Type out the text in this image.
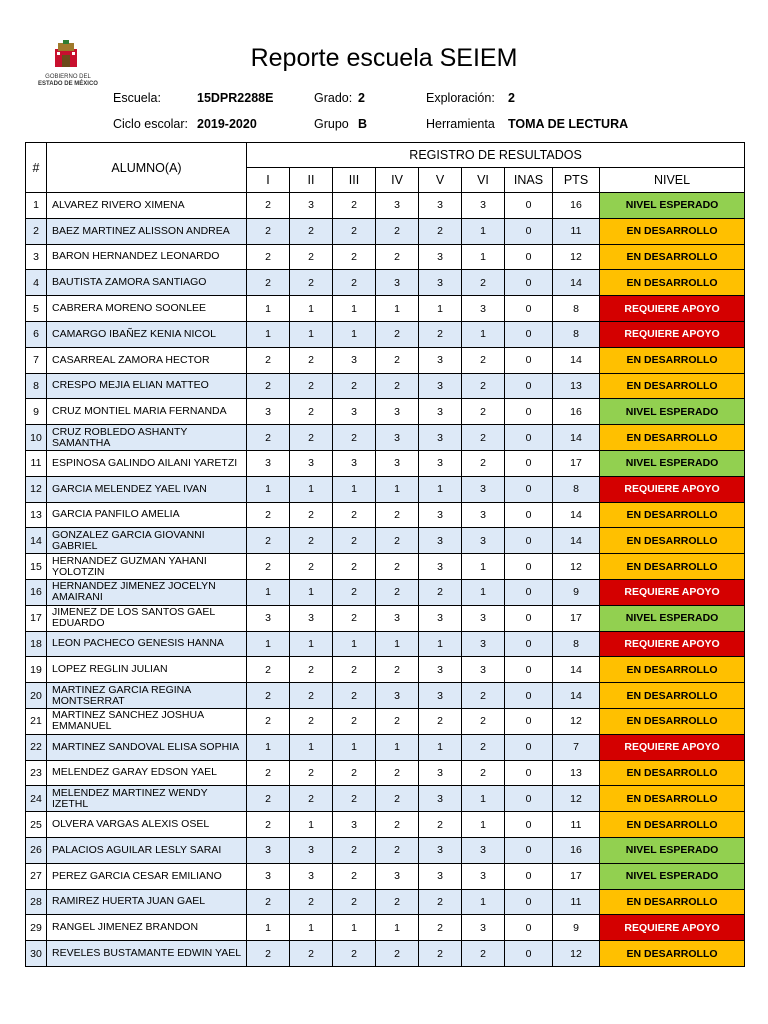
GOBIERNO DEL
ESTADO DE MÉXICO
Reporte escuela SEIEM
Escuela:	15DPR2288E	Grado: 2	Exploración: 2
Ciclo escolar: 2019-2020	Grupo B	Herramienta TOMA DE LECTURA
#	ALUMNO(A)	REGISTRO DE RESULTADOS								
		I	II	III	IV	V	VI	INAS	PTS	NIVEL
1	ALVAREZ RIVERO XIMENA	2	3	2	3	3	3	0	16	NIVEL ESPERADO
2	BAEZ MARTINEZ ALISSON ANDREA	2	2	2	2	2	1	0	11	EN DESARROLLO
3	BARON HERNANDEZ LEONARDO	2	2	2	2	3	1	0	12	EN DESARROLLO
4	BAUTISTA ZAMORA SANTIAGO	2	2	2	3	3	2	0	14	EN DESARROLLO
5	CABRERA MORENO SOONLEE	1	1	1	1	1	3	0	8	REQUIERE APOYO
6	CAMARGO IBAÑEZ KENIA NICOL	1	1	1	2	2	1	0	8	REQUIERE APOYO
7	CASARREAL ZAMORA HECTOR	2	2	3	2	3	2	0	14	EN DESARROLLO
8	CRESPO MEJIA ELIAN MATTEO	2	2	2	2	3	2	0	13	EN DESARROLLO
9	CRUZ MONTIEL MARIA FERNANDA	3	2	3	3	3	2	0	16	NIVEL ESPERADO
10	CRUZ ROBLEDO ASHANTY SAMANTHA	2	2	2	3	3	2	0	14	EN DESARROLLO
11	ESPINOSA GALINDO AILANI YARETZI	3	3	3	3	3	2	0	17	NIVEL ESPERADO
12	GARCIA MELENDEZ YAEL IVAN	1	1	1	1	1	3	0	8	REQUIERE APOYO
13	GARCIA PANFILO AMELIA	2	2	2	2	3	3	0	14	EN DESARROLLO
14	GONZALEZ GARCIA GIOVANNI GABRIEL	2	2	2	2	3	3	0	14	EN DESARROLLO
15	HERNANDEZ GUZMAN YAHANI YOLOTZIN	2	2	2	2	3	1	0	12	EN DESARROLLO
16	HERNANDEZ JIMENEZ JOCELYN AMAIRANI	1	1	2	2	2	1	0	9	REQUIERE APOYO
17	JIMENEZ DE LOS SANTOS GAEL EDUARDO	3	3	2	3	3	3	0	17	NIVEL ESPERADO
18	LEON PACHECO GENESIS HANNA	1	1	1	1	1	3	0	8	REQUIERE APOYO
19	LOPEZ REGLIN JULIAN	2	2	2	2	3	3	0	14	EN DESARROLLO
20	MARTINEZ GARCIA REGINA MONTSERRAT	2	2	2	3	3	2	0	14	EN DESARROLLO
21	MARTINEZ SANCHEZ JOSHUA EMMANUEL	2	2	2	2	2	2	0	12	EN DESARROLLO
22	MARTINEZ SANDOVAL ELISA SOPHIA	1	1	1	1	1	2	0	7	REQUIERE APOYO
23	MELENDEZ GARAY EDSON YAEL	2	2	2	2	3	2	0	13	EN DESARROLLO
24	MELENDEZ MARTINEZ WENDY IZETHL	2	2	2	2	3	1	0	12	EN DESARROLLO
25	OLVERA VARGAS ALEXIS OSEL	2	1	3	2	2	1	0	11	EN DESARROLLO
26	PALACIOS AGUILAR LESLY SARAI	3	3	2	2	3	3	0	16	NIVEL ESPERADO
27	PEREZ GARCIA CESAR EMILIANO	3	3	2	3	3	3	0	17	NIVEL ESPERADO
28	RAMIREZ HUERTA JUAN GAEL	2	2	2	2	2	1	0	11	EN DESARROLLO
29	RANGEL JIMENEZ BRANDON	1	1	1	1	2	3	0	9	REQUIERE APOYO
30	REVELES BUSTAMANTE EDWIN YAEL	2	2	2	2	2	2	0	12	EN DESARROLLO
